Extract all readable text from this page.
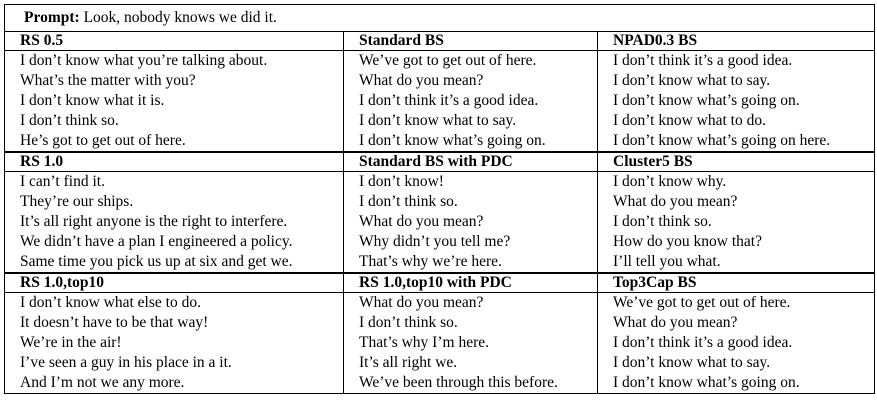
Prompt: Look, nobody knows we did it.		
RS 0.5	Standard BS	NPAD0.3 BS
I don’t know what you’re talking about.	We’ve got to get out of here.	I don’t think it’s a good idea.
What’s the matter with you?	What do you mean?	I don’t know what to say.
I don’t know what it is.	I don’t think it’s a good idea.	I don’t know what’s going on.
I don’t think so.	I don’t know what to say.	I don’t know what to do.
He’s got to get out of here.	I don’t know what’s going on.	I don’t know what’s going on here.
RS 1.0	Standard BS with PDC	Cluster5 BS
I can’t find it.	I don’t know!	I don’t know why.
They’re our ships.	I don’t think so.	What do you mean?
It’s all right anyone is the right to interfere.	What do you mean?	I don’t think so.
We didn’t have a plan I engineered a policy.	Why didn’t you tell me?	How do you know that?
Same time you pick us up at six and get we.	That’s why we’re here.	I’ll tell you what.
RS 1.0,top10	RS 1.0,top10 with PDC	Top3Cap BS
I don’t know what else to do.	What do you mean?	We’ve got to get out of here.
It doesn’t have to be that way!	I don’t think so.	What do you mean?
We’re in the air!	That’s why I’m here.	I don’t think it’s a good idea.
I’ve seen a guy in his place in a it.	It’s all right we.	I don’t know what to say.
And I’m not we any more.	We’ve been through this before.	I don’t know what’s going on.
